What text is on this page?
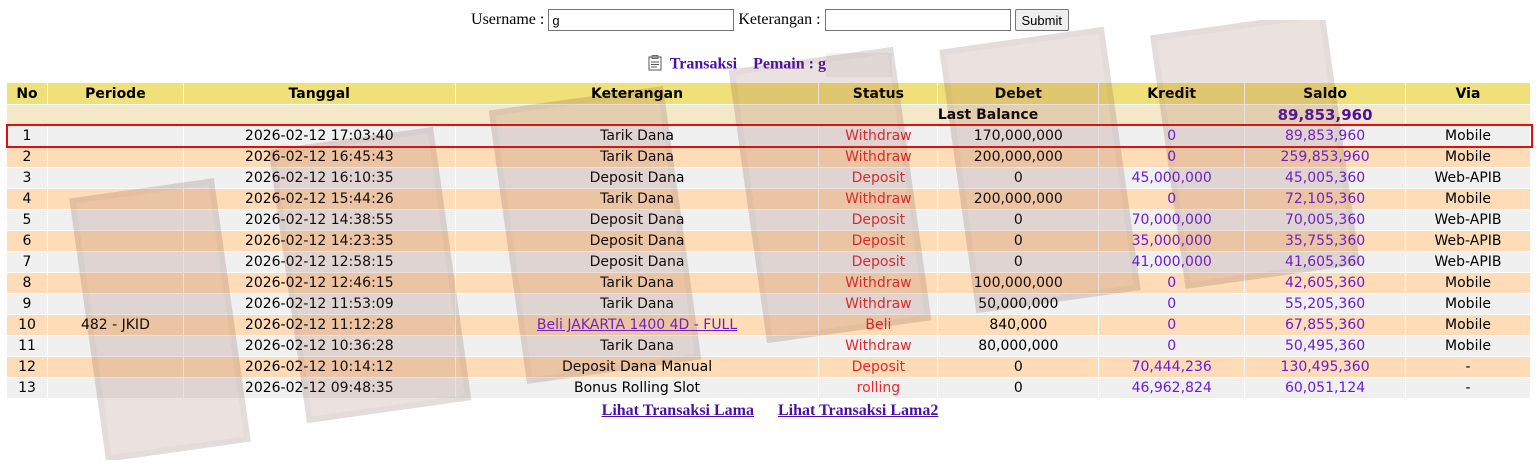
Username : g	Keterangan :	Submit
Transaksi Pemain : g
No	Periode	Tanggal	Keterangan	Status	Debet	Kredit	Saldo	Via
Last Balance							89,853,960	
1		2026-02-12 17:03:40	Tarik Dana	Withdraw	170,000,000	0	89,853,960	Mobile
2		2026-02-12 16:45:43	Tarik Dana	Withdraw	200,000,000	0	259,853,960	Mobile
3		2026-02-12 16:10:35	Deposit Dana	Deposit	0	45,000,000	45,005,360	Web-APIB
4		2026-02-12 15:44:26	Tarik Dana	Withdraw	200,000,000	0	72,105,360	Mobile
5		2026-02-12 14:38:55	Deposit Dana	Deposit	0	70,000,000	70,005,360	Web-APIB
6		2026-02-12 14:23:35	Deposit Dana	Deposit	0	35,000,000	35,755,360	Web-APIB
7		2026-02-12 12:58:15	Deposit Dana	Deposit	0	41,000,000	41,605,360	Web-APIB
8		2026-02-12 12:46:15	Tarik Dana	Withdraw	100,000,000	0	42,605,360	Mobile
9		2026-02-12 11:53:09	Tarik Dana	Withdraw	50,000,000	0	55,205,360	Mobile
10	482 - JKID	2026-02-12 11:12:28	Beli JAKARTA 1400 4D - FULL	Beli	840,000	0	67,855,360	Mobile
11		2026-02-12 10:36:28	Tarik Dana	Withdraw	80,000,000	0	50,495,360	Mobile
12		2026-02-12 10:14:12	Deposit Dana Manual	Deposit	0	70,444,236	130,495,360	-
13		2026-02-12 09:48:35	Bonus Rolling Slot	rolling	0	46,962,824	60,051,124	-
Lihat Transaksi Lama Lihat Transaksi Lama2
